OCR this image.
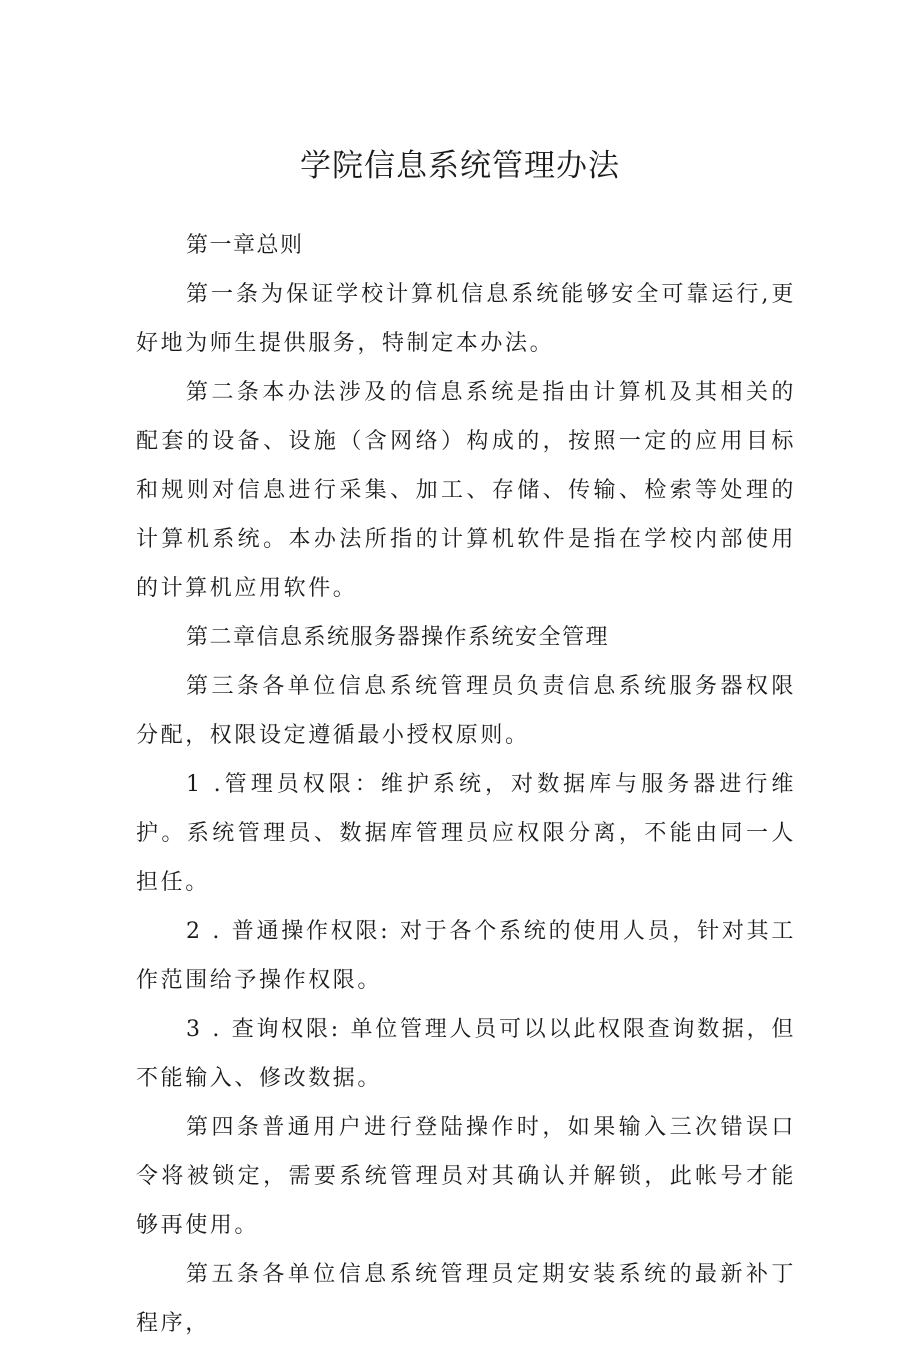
学院信息系统管理办法

第一章总则

第一条为保证学校计算机信息系统能够安全可靠运行,更好地为师生提供服务，特制定本办法。

第二条本办法涉及的信息系统是指由计算机及其相关的配套的设备、设施（含网络）构成的，按照一定的应用目标和规则对信息进行采集、加工、存储、传输、检索等处理的计算机系统。本办法所指的计算机软件是指在学校内部使用的计算机应用软件。

第二章信息系统服务器操作系统安全管理

第三条各单位信息系统管理员负责信息系统服务器权限分配，权限设定遵循最小授权原则。

1 .管理员权限：维护系统，对数据库与服务器进行维护。系统管理员、数据库管理员应权限分离，不能由同一人担任。

2 . 普通操作权限: 对于各个系统的使用人员，针对其工作范围给予操作权限。

3 . 查询权限: 单位管理人员可以以此权限查询数据，但不能输入、修改数据。

第四条普通用户进行登陆操作时，如果输入三次错误口令将被锁定，需要系统管理员对其确认并解锁，此帐号才能够再使用。

第五条各单位信息系统管理员定期安装系统的最新补丁程序，
